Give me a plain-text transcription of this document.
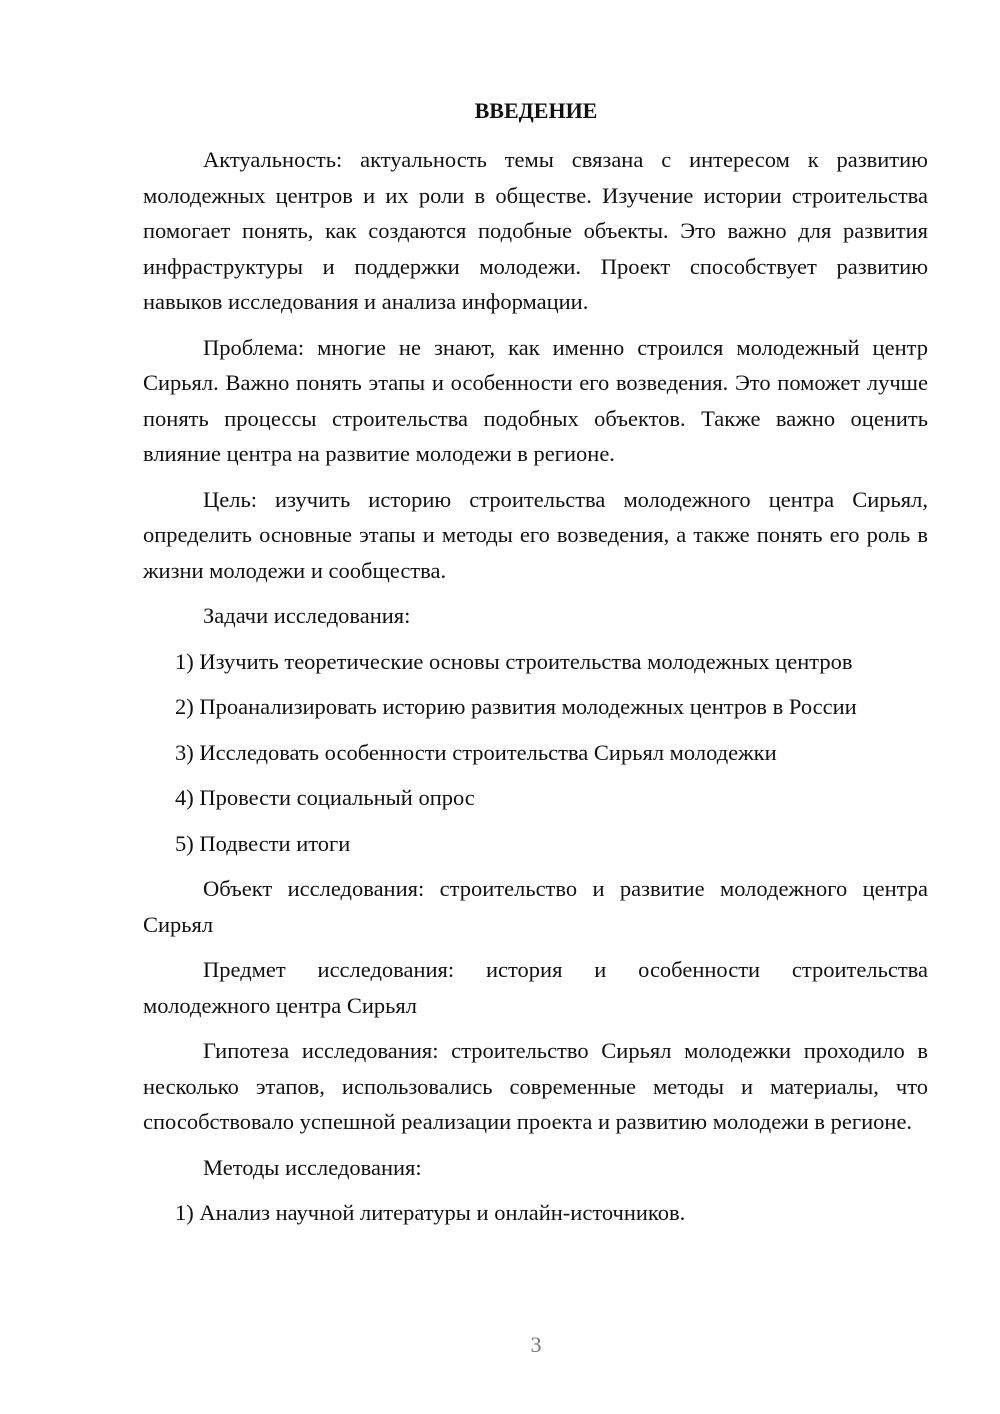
ВВЕДЕНИЕ

Актуальность: актуальность темы связана с интересом к развитию молодежных центров и их роли в обществе. Изучение истории строительства помогает понять, как создаются подобные объекты. Это важно для развития инфраструктуры и поддержки молодежи. Проект способствует развитию навыков исследования и анализа информации.

Проблема: многие не знают, как именно строился молодежный центр Сирьял. Важно понять этапы и особенности его возведения. Это поможет лучше понять процессы строительства подобных объектов. Также важно оценить влияние центра на развитие молодежи в регионе.

Цель: изучить историю строительства молодежного центра Сирьял, определить основные этапы и методы его возведения, а также понять его роль в жизни молодежи и сообщества.

Задачи исследования:

1) Изучить теоретические основы строительства молодежных центров

2) Проанализировать историю развития молодежных центров в России

3) Исследовать особенности строительства Сирьял молодежки

4) Провести социальный опрос

5) Подвести итоги

Объект исследования: строительство и развитие молодежного центра Сирьял

Предмет исследования: история и особенности строительства молодежного центра Сирьял

Гипотеза исследования: строительство Сирьял молодежки проходило в несколько этапов, использовались современные методы и материалы, что способствовало успешной реализации проекта и развитию молодежи в регионе.

Методы исследования:

1) Анализ научной литературы и онлайн-источников.

3
